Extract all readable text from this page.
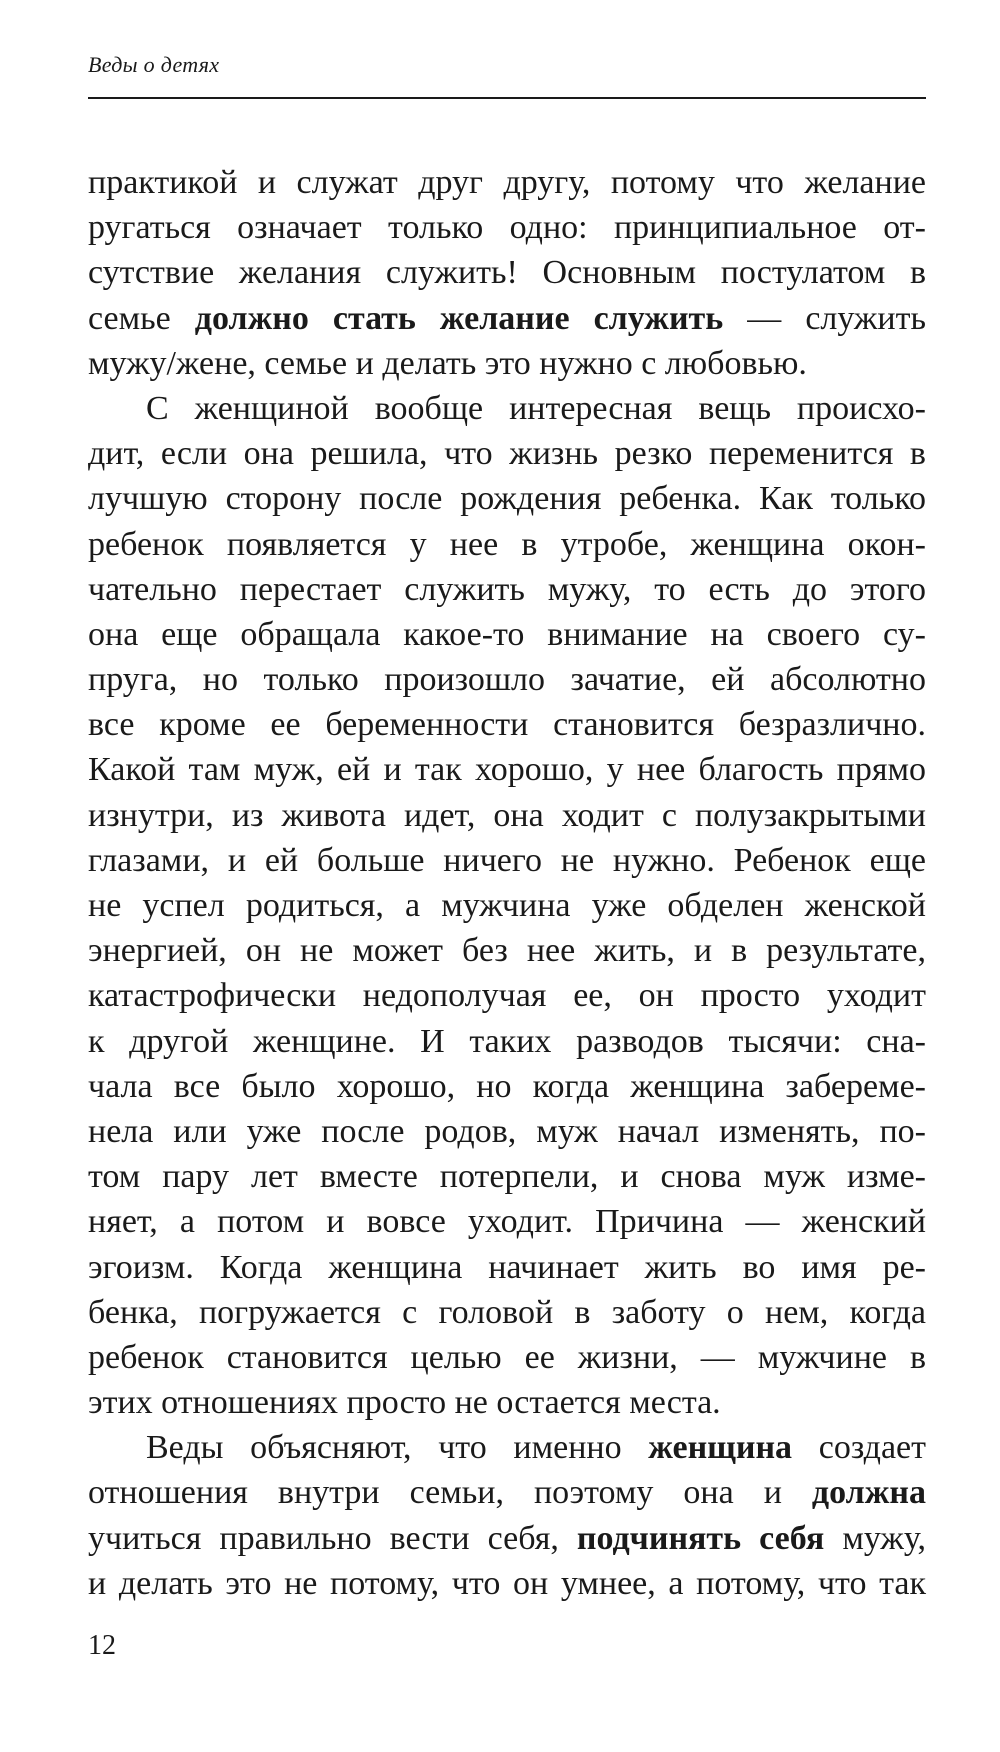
Веды о детях
практикой и служат друг другу, потому что желание
ругаться означает только одно: принципиальное от-
сутствие желания служить! Основным постулатом в
семье должно стать желание служить — служить
мужу/жене, семье и делать это нужно с любовью.
С женщиной вообще интересная вещь происхо-
дит, если она решила, что жизнь резко переменится в
лучшую сторону после рождения ребенка. Как только
ребенок появляется у нее в утробе, женщина окон-
чательно перестает служить мужу, то есть до этого
она еще обращала какое-то внимание на своего су-
пруга, но только произошло зачатие, ей абсолютно
все кроме ее беременности становится безразлично.
Какой там муж, ей и так хорошо, у нее благость прямо
изнутри, из живота идет, она ходит с полузакрытыми
глазами, и ей больше ничего не нужно. Ребенок еще
не успел родиться, а мужчина уже обделен женской
энергией, он не может без нее жить, и в результате,
катастрофически недополучая ее, он просто уходит
к другой женщине. И таких разводов тысячи: сна-
чала все было хорошо, но когда женщина забереме-
нела или уже после родов, муж начал изменять, по-
том пару лет вместе потерпели, и снова муж изме-
няет, а потом и вовсе уходит. Причина — женский
эгоизм. Когда женщина начинает жить во имя ре-
бенка, погружается с головой в заботу о нем, когда
ребенок становится целью ее жизни, — мужчине в
этих отношениях просто не остается места.
Веды объясняют, что именно женщина создает
отношения внутри семьи, поэтому она и должна
учиться правильно вести себя, подчинять себя мужу,
и делать это не потому, что он умнее, а потому, что так
12
